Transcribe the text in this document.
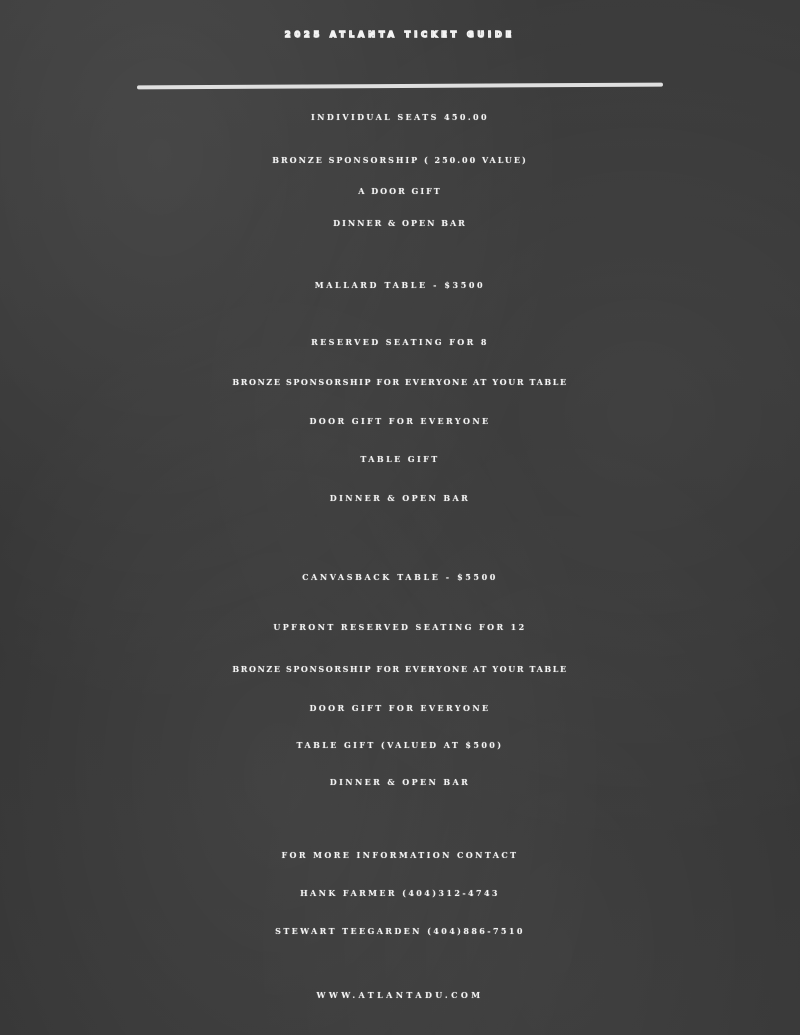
2025 ATLANTA TICKET GUIDE
INDIVIDUAL SEATS 450.00
BRONZE SPONSORSHIP ( 250.00 VALUE)
A DOOR GIFT
DINNER & OPEN BAR
MALLARD TABLE - $3500
RESERVED SEATING FOR 8
BRONZE SPONSORSHIP FOR EVERYONE AT YOUR TABLE
DOOR GIFT FOR EVERYONE
TABLE GIFT
DINNER & OPEN BAR
CANVASBACK TABLE - $5500
UPFRONT RESERVED SEATING FOR 12
BRONZE SPONSORSHIP FOR EVERYONE AT YOUR TABLE
DOOR GIFT FOR EVERYONE
TABLE GIFT (VALUED AT $500)
DINNER & OPEN BAR
FOR MORE INFORMATION CONTACT
HANK FARMER (404)312-4743
STEWART TEEGARDEN (404)886-7510
WWW.ATLANTADU.COM
